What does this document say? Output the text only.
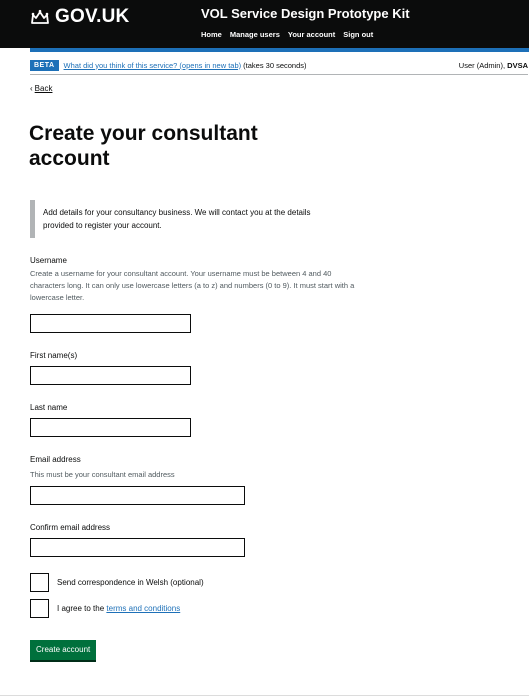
GOV.UK	VOL Service Design Prototype Kit
Home Manage users Your account Sign out
BETA	What did you think of this service? (opens in new tab) (takes 30 seconds)	User (Admin), DVSA
‹ Back
Create your consultant account
Add details for your consultancy business. We will contact you at the details provided to register your account.
Username
Create a username for your consultant account. Your username must be between 4 and 40 characters long. It can only use lowercase letters (a to z) and numbers (0 to 9). It must start with a lowercase letter.
First name(s)
Last name
Email address
This must be your consultant email address
Confirm email address
Send correspondence in Welsh (optional)
I agree to the terms and conditions
Create account
